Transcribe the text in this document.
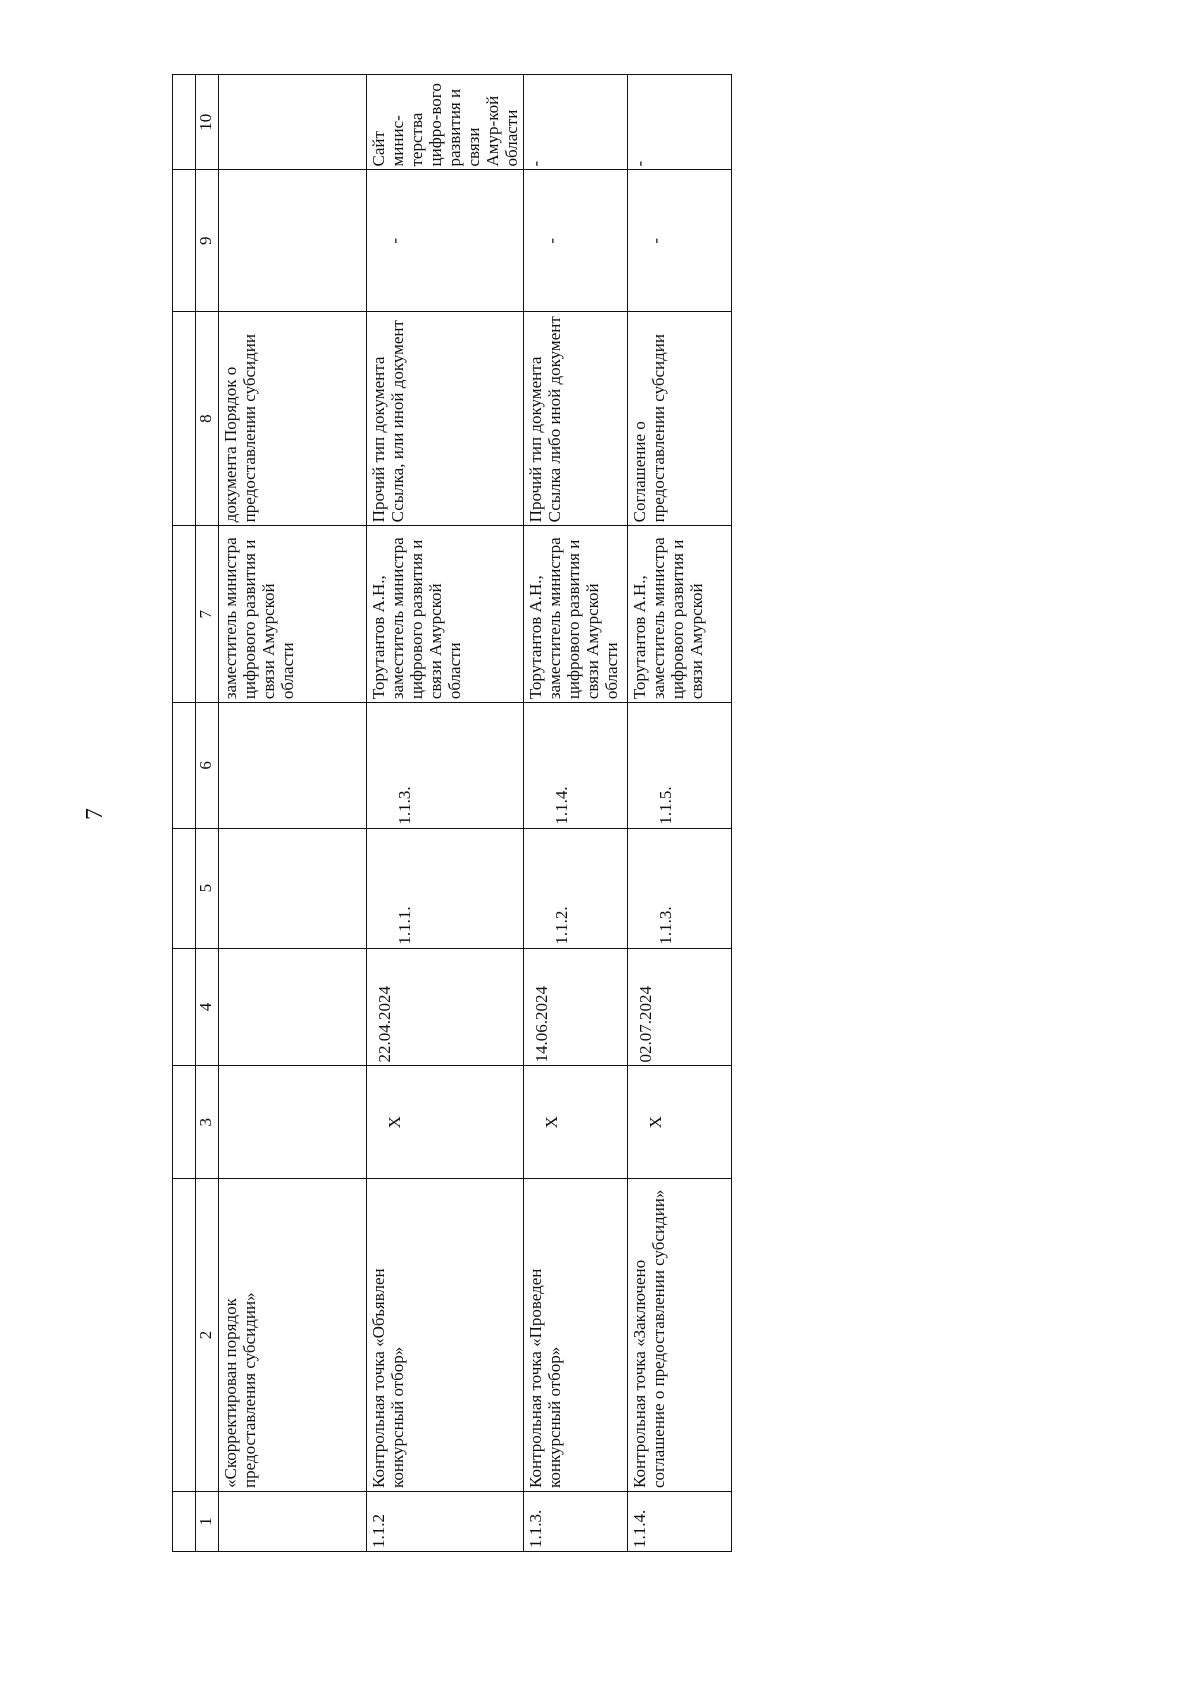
7

1	2	3	4	5	6	7	8	9	10
	«Скорректирован порядок предоставления субсидии»					заместитель министра цифрового развития и связи Амурской области	документа Порядок о предоставлении субсидии		
1.1.2	Контрольная точка «Объявлен конкурсный отбор»	X	22.04.2024	1.1.1.	1.1.3.	Торутантов А.Н., заместитель министра цифрового развития и связи Амурской области	Прочий тип документа Ссылка, или иной документ	-	Сайт минис-терства цифро-вого развития и связи Амур-кой области
1.1.3.	Контрольная точка «Проведен конкурсный отбор»	X	14.06.2024	1.1.2.	1.1.4.	Торутантов А.Н., заместитель министра цифрового развития и связи Амурской области	Прочий тип документа Ссылка либо иной документ	-	-
1.1.4.	Контрольная точка «Заключено соглашение о предоставлении субсидии»	X	02.07.2024	1.1.3.	1.1.5.	Торутантов А.Н., заместитель министра цифрового развития и связи Амурской	Соглашение о предоставлении субсидии	-	-
